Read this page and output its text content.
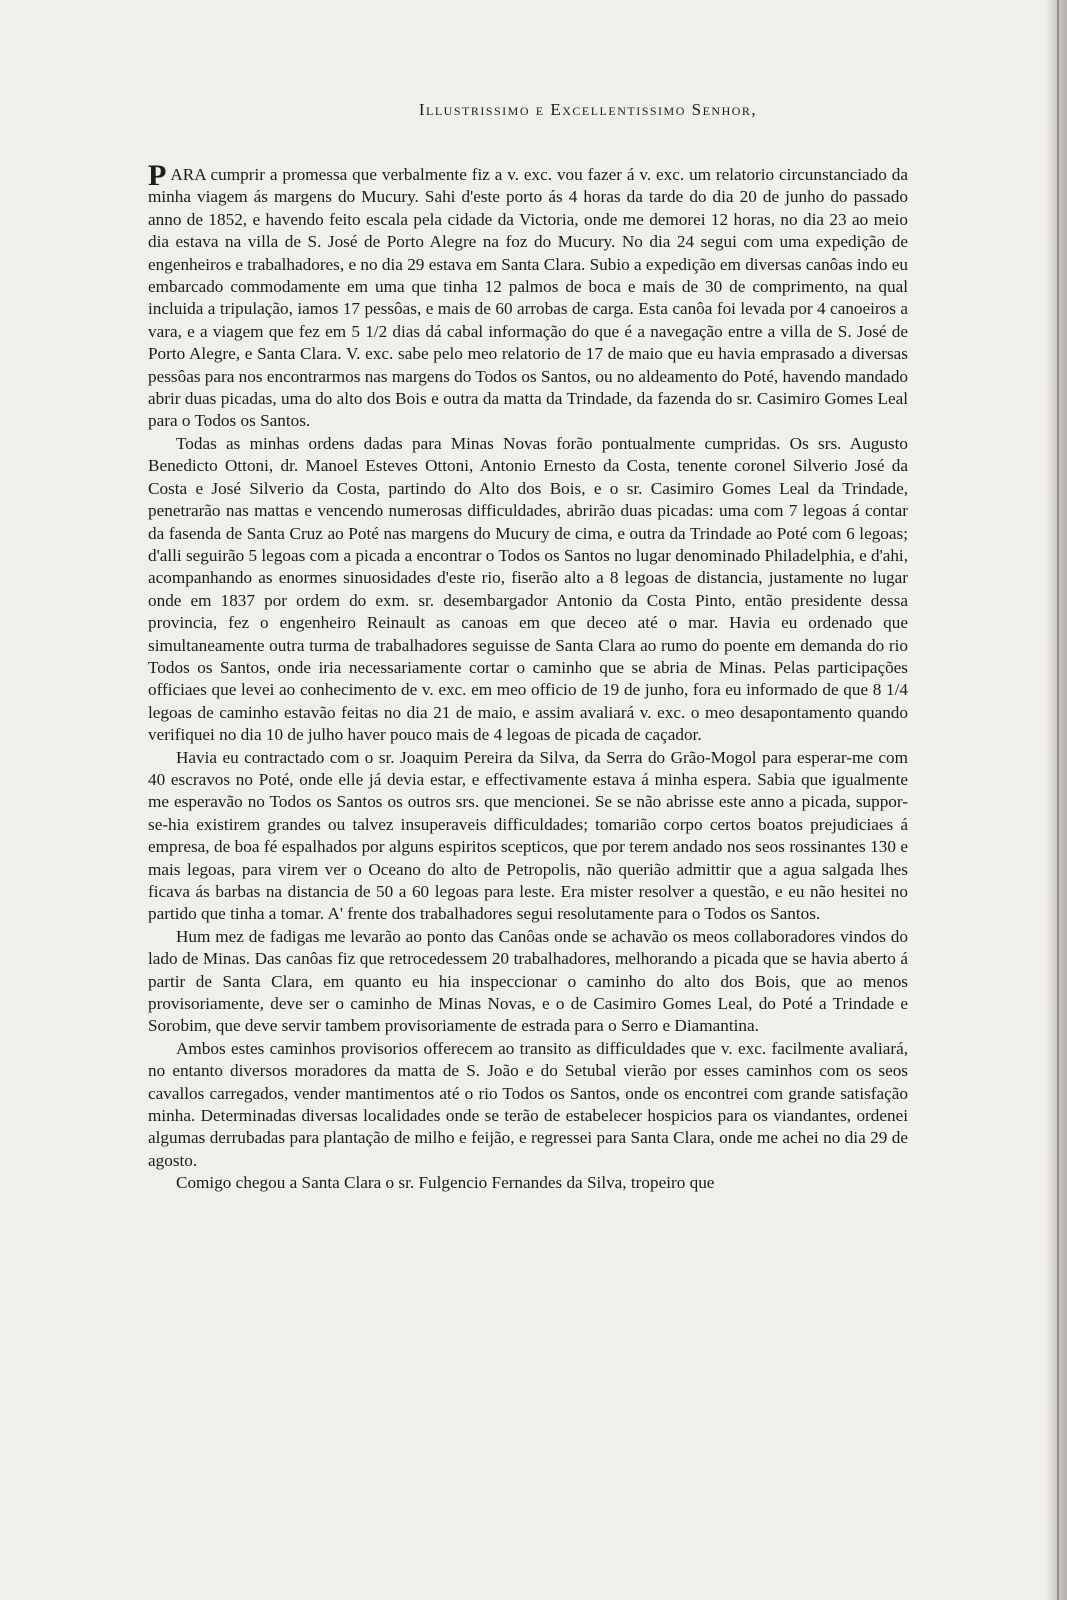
Illustrissimo e Excellentissimo Senhor,

PARA cumprir a promessa que verbalmente fiz a v. exc. vou fazer á v. exc. um relatorio circunstanciado da minha viagem ás margens do Mucury. Sahi d'este porto ás 4 horas da tarde do dia 20 de junho do passado anno de 1852, e havendo feito escala pela cidade da Victoria, onde me demorei 12 horas, no dia 23 ao meio dia estava na villa de S. José de Porto Alegre na foz do Mucury. No dia 24 segui com uma expedição de engenheiros e trabalhadores, e no dia 29 estava em Santa Clara. Subio a expedição em diversas canôas indo eu embarcado commodamente em uma que tinha 12 palmos de boca e mais de 30 de comprimento, na qual incluida a tripulação, iamos 17 pessôas, e mais de 60 arrobas de carga. Esta canôa foi levada por 4 canoeiros a vara, e a viagem que fez em 5 1/2 dias dá cabal informação do que é a navegação entre a villa de S. José de Porto Alegre, e Santa Clara. V. exc. sabe pelo meo relatorio de 17 de maio que eu havia emprasado a diversas pessôas para nos encontrarmos nas margens do Todos os Santos, ou no aldeamento do Poté, havendo mandado abrir duas picadas, uma do alto dos Bois e outra da matta da Trindade, da fazenda do sr. Casimiro Gomes Leal para o Todos os Santos.

Todas as minhas ordens dadas para Minas Novas forão pontualmente cumpridas. Os srs. Augusto Benedicto Ottoni, dr. Manoel Esteves Ottoni, Antonio Ernesto da Costa, tenente coronel Silverio José da Costa e José Silverio da Costa, partindo do Alto dos Bois, e o sr. Casimiro Gomes Leal da Trindade, penetrarão nas mattas e vencendo numerosas difficuldades, abrirão duas picadas: uma com 7 legoas á contar da fasenda de Santa Cruz ao Poté nas margens do Mucury de cima, e outra da Trindade ao Poté com 6 legoas; d'alli seguirão 5 legoas com a picada a encontrar o Todos os Santos no lugar denominado Philadelphia, e d'ahi, acompanhando as enormes sinuosidades d'este rio, fiserão alto a 8 legoas de distancia, justamente no lugar onde em 1837 por ordem do exm. sr. desembargador Antonio da Costa Pinto, então presidente dessa provincia, fez o engenheiro Reinault as canoas em que deceo até o mar. Havia eu ordenado que simultaneamente outra turma de trabalhadores seguisse de Santa Clara ao rumo do poente em demanda do rio Todos os Santos, onde iria necessariamente cortar o caminho que se abria de Minas. Pelas participações officiaes que levei ao conhecimento de v. exc. em meo officio de 19 de junho, fora eu informado de que 8 1/4 legoas de caminho estavão feitas no dia 21 de maio, e assim avaliará v. exc. o meo desapontamento quando verifiquei no dia 10 de julho haver pouco mais de 4 legoas de picada de caçador.

Havia eu contractado com o sr. Joaquim Pereira da Silva, da Serra do Grão-Mogol para esperar-me com 40 escravos no Poté, onde elle já devia estar, e effectivamente estava á minha espera. Sabia que igualmente me esperavão no Todos os Santos os outros srs. que mencionei. Se se não abrisse este anno a picada, suppor-se-hia existirem grandes ou talvez insuperaveis difficuldades; tomarião corpo certos boatos prejudiciaes á empresa, de boa fé espalhados por alguns espiritos scepticos, que por terem andado nos seos rossinantes 130 e mais legoas, para virem ver o Oceano do alto de Petropolis, não querião admittir que a agua salgada lhes ficava ás barbas na distancia de 50 a 60 legoas para leste. Era mister resolver a questão, e eu não hesitei no partido que tinha a tomar. A' frente dos trabalhadores segui resolutamente para o Todos os Santos.

Hum mez de fadigas me levarão ao ponto das Canôas onde se achavão os meos collaboradores vindos do lado de Minas. Das canôas fiz que retrocedessem 20 trabalhadores, melhorando a picada que se havia aberto á partir de Santa Clara, em quanto eu hia inspeccionar o caminho do alto dos Bois, que ao menos provisoriamente, deve ser o caminho de Minas Novas, e o de Casimiro Gomes Leal, do Poté a Trindade e Sorobim, que deve servir tambem provisoriamente de estrada para o Serro e Diamantina.

Ambos estes caminhos provisorios offerecem ao transito as difficuldades que v. exc. facilmente avaliará, no entanto diversos moradores da matta de S. João e do Setubal vierão por esses caminhos com os seos cavallos carregados, vender mantimentos até o rio Todos os Santos, onde os encontrei com grande satisfação minha. Determinadas diversas localidades onde se terão de estabelecer hospicios para os viandantes, ordenei algumas derrubadas para plantação de milho e feijão, e regressei para Santa Clara, onde me achei no dia 29 de agosto.

Comigo chegou a Santa Clara o sr. Fulgencio Fernandes da Silva, tropeiro que
